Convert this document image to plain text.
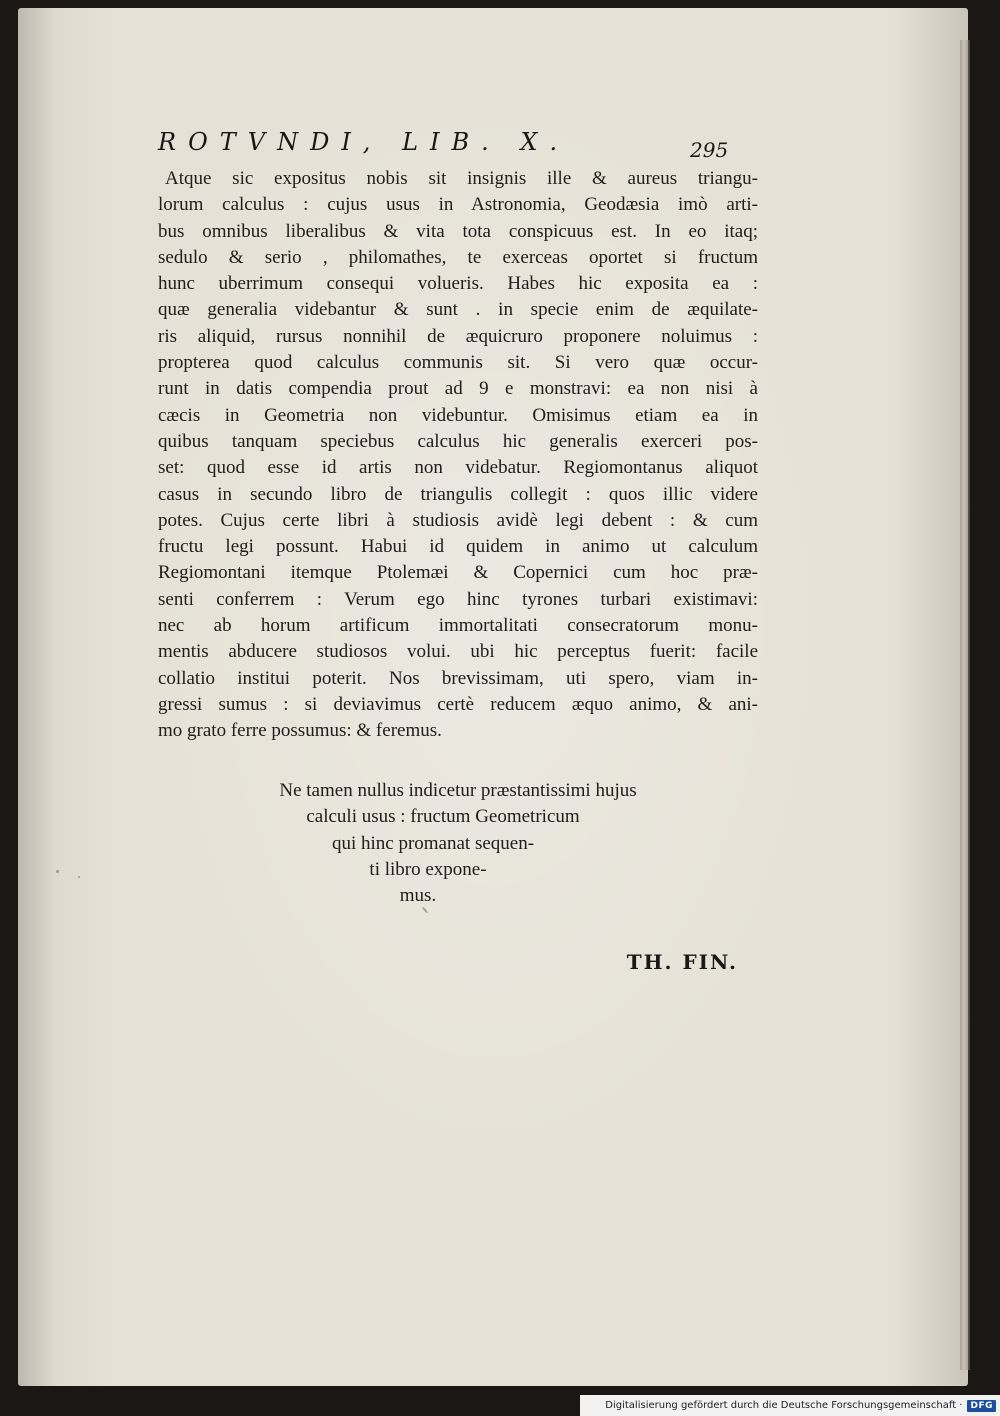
ROTVNDI, LIB. X.	295
Atque sic expositus nobis sit insignis ille & aureus triangu-
lorum calculus : cujus usus in Astronomia, Geodæsia imò arti-
bus omnibus liberalibus & vita tota conspicuus est. In eo itaq;
sedulo & serio , philomathes, te exerceas oportet si fructum
hunc uberrimum consequi volueris. Habes hic exposita ea :
quæ generalia videbantur & sunt . in specie enim de æquilate-
ris aliquid, rursus nonnihil de æquicruro proponere noluimus :
propterea quod calculus communis sit. Si vero quæ occur-
runt in datis compendia prout ad 9 e monstravi: ea non nisi à
cæcis in Geometria non videbuntur. Omisimus etiam ea in
quibus tanquam speciebus calculus hic generalis exerceri pos-
set: quod esse id artis non videbatur. Regiomontanus aliquot
casus in secundo libro de triangulis collegit : quos illic videre
potes. Cujus certe libri à studiosis avidè legi debent : & cum
fructu legi possunt. Habui id quidem in animo ut calculum
Regiomontani itemque Ptolemæi & Copernici cum hoc præ-
senti conferrem : Verum ego hinc tyrones turbari existimavi:
nec ab horum artificum immortalitati consecratorum monu-
mentis abducere studiosos volui. ubi hic perceptus fuerit: facile
collatio institui poterit. Nos brevissimam, uti spero, viam in-
gressi sumus : si deviavimus certè reducem æquo animo, & ani-
mo grato ferre possumus: & feremus.
Ne tamen nullus indicetur præstantissimi hujus
calculi usus : fructum Geometricum
qui hinc promanat sequen-
ti libro expone-
mus.
TH. FIN.
Digitalisierung gefördert durch die Deutsche Forschungsgemeinschaft · DFG
